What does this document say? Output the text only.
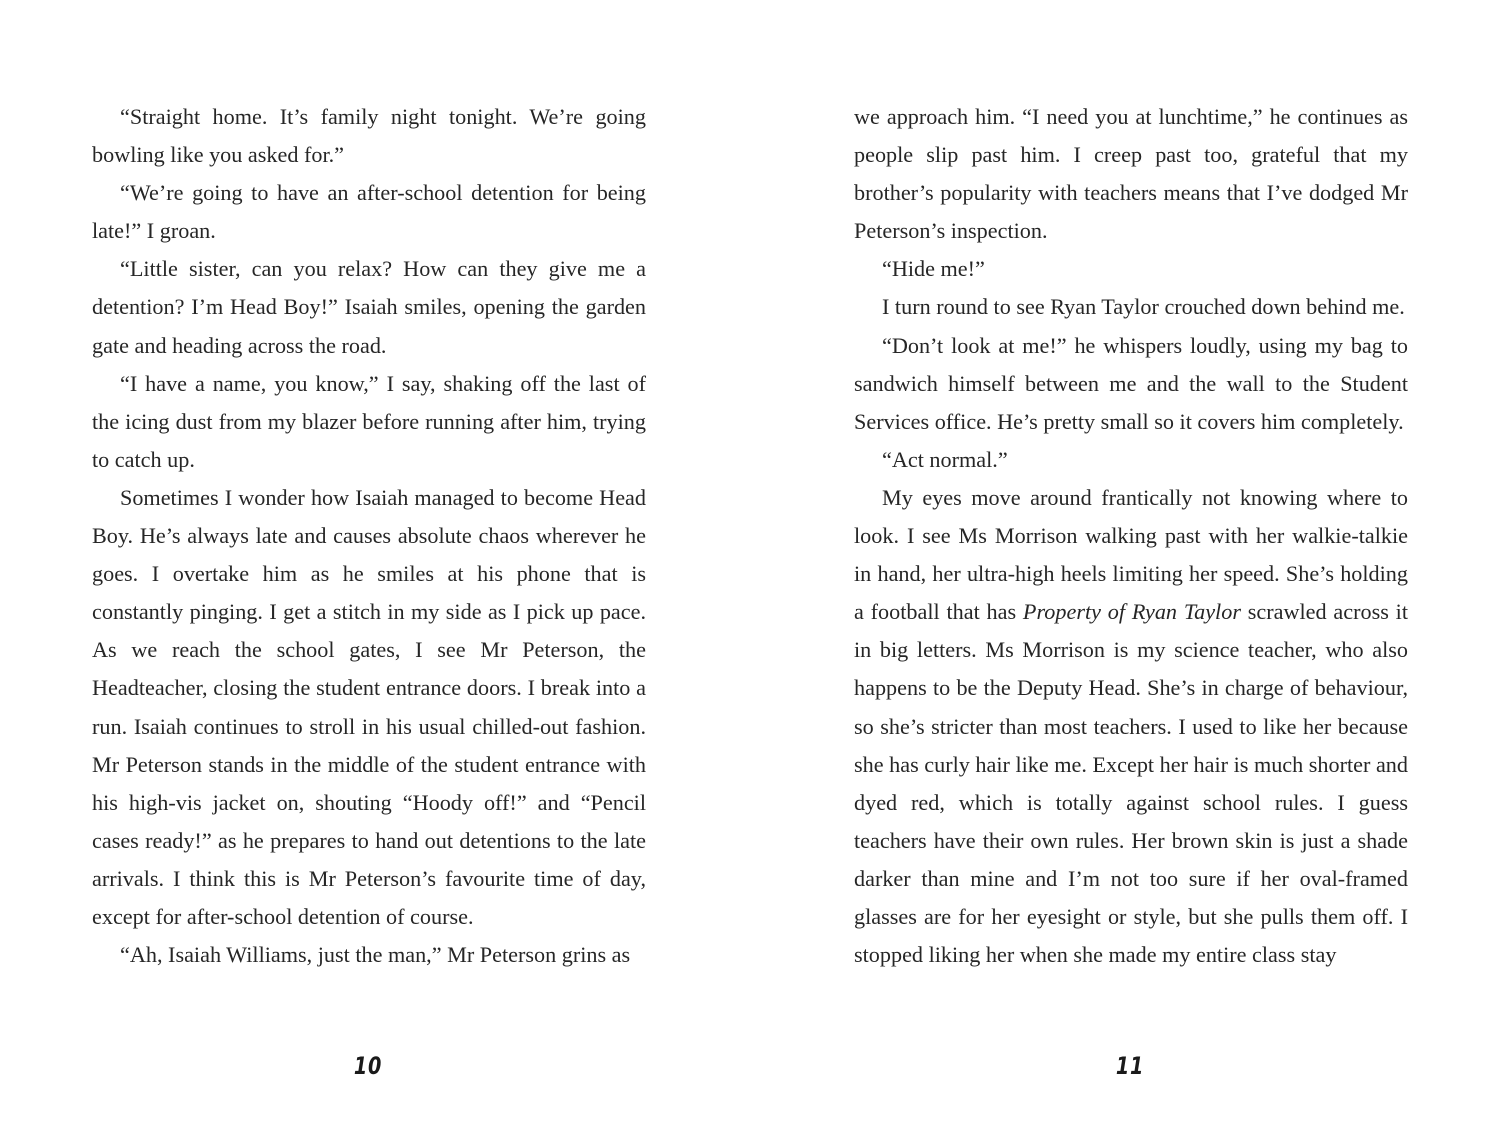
“Straight home. It’s family night tonight. We’re going bowling like you asked for.”

“We’re going to have an after-school detention for being late!” I groan.

“Little sister, can you relax? How can they give me a detention? I’m Head Boy!” Isaiah smiles, opening the garden gate and heading across the road.

“I have a name, you know,” I say, shaking off the last of the icing dust from my blazer before running after him, trying to catch up.

Sometimes I wonder how Isaiah managed to become Head Boy. He’s always late and causes absolute chaos wherever he goes. I overtake him as he smiles at his phone that is constantly pinging. I get a stitch in my side as I pick up pace. As we reach the school gates, I see Mr Peterson, the Headteacher, closing the student entrance doors. I break into a run. Isaiah continues to stroll in his usual chilled-out fashion. Mr Peterson stands in the middle of the student entrance with his high-vis jacket on, shouting “Hoody off!” and “Pencil cases ready!” as he prepares to hand out detentions to the late arrivals. I think this is Mr Peterson’s favourite time of day, except for after-school detention of course.

“Ah, Isaiah Williams, just the man,” Mr Peterson grins as

we approach him. “I need you at lunchtime,” he continues as people slip past him. I creep past too, grateful that my brother’s popularity with teachers means that I’ve dodged Mr Peterson’s inspection.

“Hide me!”

I turn round to see Ryan Taylor crouched down behind me.

“Don’t look at me!” he whispers loudly, using my bag to sandwich himself between me and the wall to the Student Services office. He’s pretty small so it covers him completely.

“Act normal.”

My eyes move around frantically not knowing where to look. I see Ms Morrison walking past with her walkie-talkie in hand, her ultra-high heels limiting her speed. She’s holding a football that has Property of Ryan Taylor scrawled across it in big letters. Ms Morrison is my science teacher, who also happens to be the Deputy Head. She’s in charge of behaviour, so she’s stricter than most teachers. I used to like her because she has curly hair like me. Except her hair is much shorter and dyed red, which is totally against school rules. I guess teachers have their own rules. Her brown skin is just a shade darker than mine and I’m not too sure if her oval-framed glasses are for her eyesight or style, but she pulls them off. I stopped liking her when she made my entire class stay

10	11
